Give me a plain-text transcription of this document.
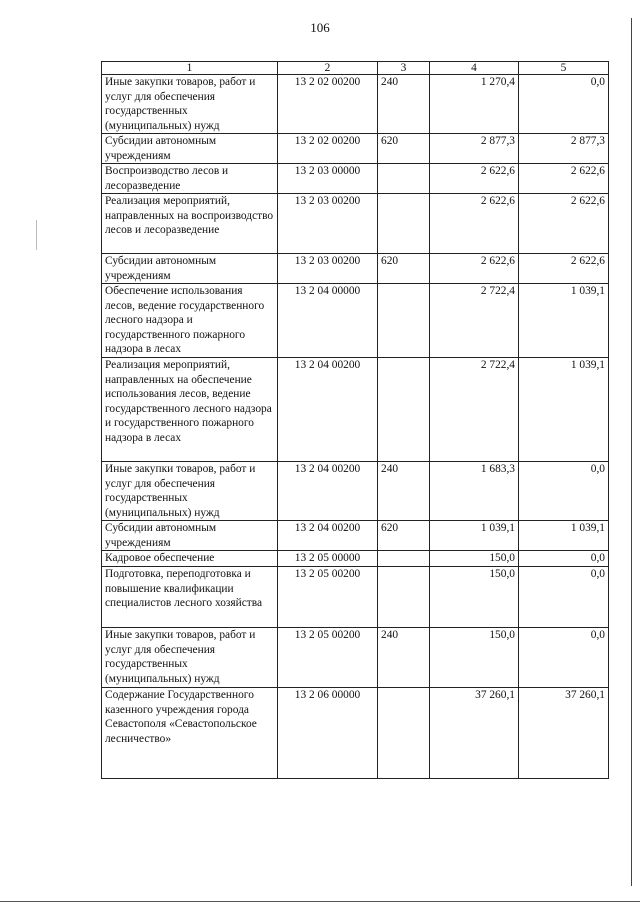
106
1	2	3	4	5
Иные закупки товаров, работ и услуг для обеспечения государственных (муниципальных) нужд	13 2 02 00200	240	1 270,4	0,0
Субсидии автономным учреждениям	13 2 02 00200	620	2 877,3	2 877,3
Воспроизводство лесов и лесоразведение	13 2 03 00000		2 622,6	2 622,6
Реализация мероприятий, направленных на воспроизводство лесов и лесоразведение	13 2 03 00200		2 622,6	2 622,6
Субсидии автономным учреждениям	13 2 03 00200	620	2 622,6	2 622,6
Обеспечение использования лесов, ведение государственного лесного надзора и государственного пожарного надзора в лесах	13 2 04 00000		2 722,4	1 039,1
Реализация мероприятий, направленных на обеспечение использования лесов, ведение государственного лесного надзора и государственного пожарного надзора в лесах	13 2 04 00200		2 722,4	1 039,1
Иные закупки товаров, работ и услуг для обеспечения государственных (муниципальных) нужд	13 2 04 00200	240	1 683,3	0,0
Субсидии автономным учреждениям	13 2 04 00200	620	1 039,1	1 039,1
Кадровое обеспечение	13 2 05 00000		150,0	0,0
Подготовка, переподготовка и повышение квалификации специалистов лесного хозяйства	13 2 05 00200		150,0	0,0
Иные закупки товаров, работ и услуг для обеспечения государственных (муниципальных) нужд	13 2 05 00200	240	150,0	0,0
Содержание Государственного казенного учреждения города Севастополя «Севастопольское лесничество»	13 2 06 00000		37 260,1	37 260,1
